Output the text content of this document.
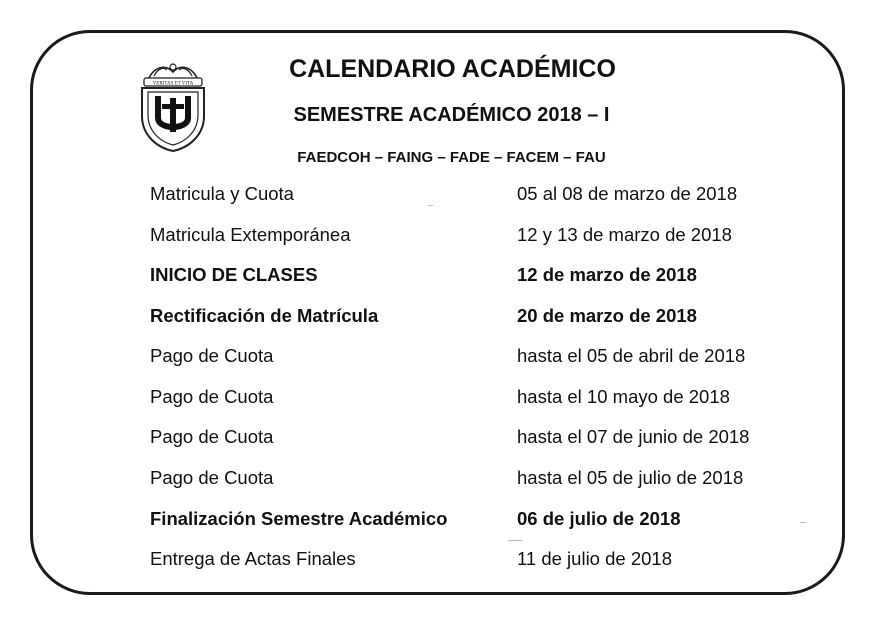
VERITAS ET VITA
CALENDARIO ACADÉMICO
SEMESTRE ACADÉMICO 2018 – I
FAEDCOH – FAING – FADE – FACEM – FAU
Matricula y Cuota	05 al 08 de marzo de 2018
Matricula Extemporánea	12 y 13 de marzo de 2018
INICIO DE CLASES	12 de marzo de 2018
Rectificación de Matrícula	20 de marzo de 2018
Pago de Cuota	hasta el 05 de abril de 2018
Pago de Cuota	hasta el 10 mayo de 2018
Pago de Cuota	hasta el 07 de junio de 2018
Pago de Cuota	hasta el 05 de julio de 2018
Finalización Semestre Académico	06 de julio de 2018
Entrega de Actas Finales	11 de julio de 2018
